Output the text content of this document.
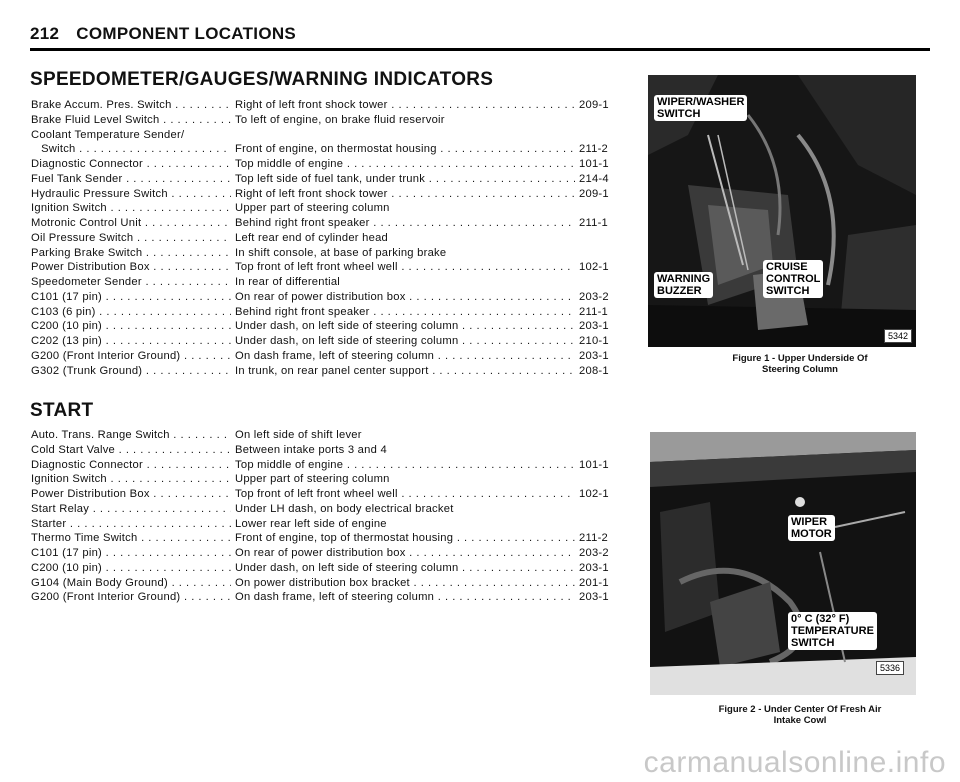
212 COMPONENT LOCATIONS
SPEEDOMETER/GAUGES/WARNING INDICATORS
Brake Accum. Pres. Switch . . .	Right of left front shock tower . . .	209-1
Brake Fluid Level Switch . . .	To left of engine, on brake fluid reservoir
Coolant Temperature Sender/
Switch . . .	Front of engine, on thermostat housing . . .	211-2
Diagnostic Connector . . .	Top middle of engine . . .	101-1
Fuel Tank Sender . . .	Top left side of fuel tank, under trunk . . .	214-4
Hydraulic Pressure Switch . . .	Right of left front shock tower . . .	209-1
Ignition Switch . . .	Upper part of steering column
Motronic Control Unit . . .	Behind right front speaker . . .	211-1
Oil Pressure Switch . . .	Left rear end of cylinder head
Parking Brake Switch . . .	In shift console, at base of parking brake
Power Distribution Box . . .	Top front of left front wheel well . . .	102-1
Speedometer Sender . . .	In rear of differential
C101 (17 pin) . . .	On rear of power distribution box . . .	203-2
C103 (6 pin) . . .	Behind right front speaker . . .	211-1
C200 (10 pin) . . .	Under dash, on left side of steering column . . .	203-1
C202 (13 pin) . . .	Under dash, on left side of steering column . . .	210-1
G200 (Front Interior Ground) . . .	On dash frame, left of steering column . . .	203-1
G302 (Trunk Ground) . . .	In trunk, on rear panel center support . . .	208-1
START
Auto. Trans. Range Switch . . .	On left side of shift lever
Cold Start Valve . . .	Between intake ports 3 and 4
Diagnostic Connector . . .	Top middle of engine . . .	101-1
Ignition Switch . . .	Upper part of steering column
Power Distribution Box . . .	Top front of left front wheel well . . .	102-1
Start Relay . . .	Under LH dash, on body electrical bracket
Starter . . .	Lower rear left side of engine
Thermo Time Switch . . .	Front of engine, top of thermostat housing . . .	211-2
C101 (17 pin) . . .	On rear of power distribution box . . .	203-2
C200 (10 pin) . . .	Under dash, on left side of steering column . . .	203-1
G104 (Main Body Ground) . . .	On power distribution box bracket . . .	201-1
G200 (Front Interior Ground) . . .	On dash frame, left of steering column . . .	203-1
WIPER/WASHER
SWITCH
WARNING
BUZZER
CRUISE
CONTROL
SWITCH
5342
Figure 1 - Upper Underside Of
Steering Column
WIPER
MOTOR
0° C (32° F)
TEMPERATURE
SWITCH
5336
Figure 2 - Under Center Of Fresh Air
Intake Cowl
carmanualsonline.info
